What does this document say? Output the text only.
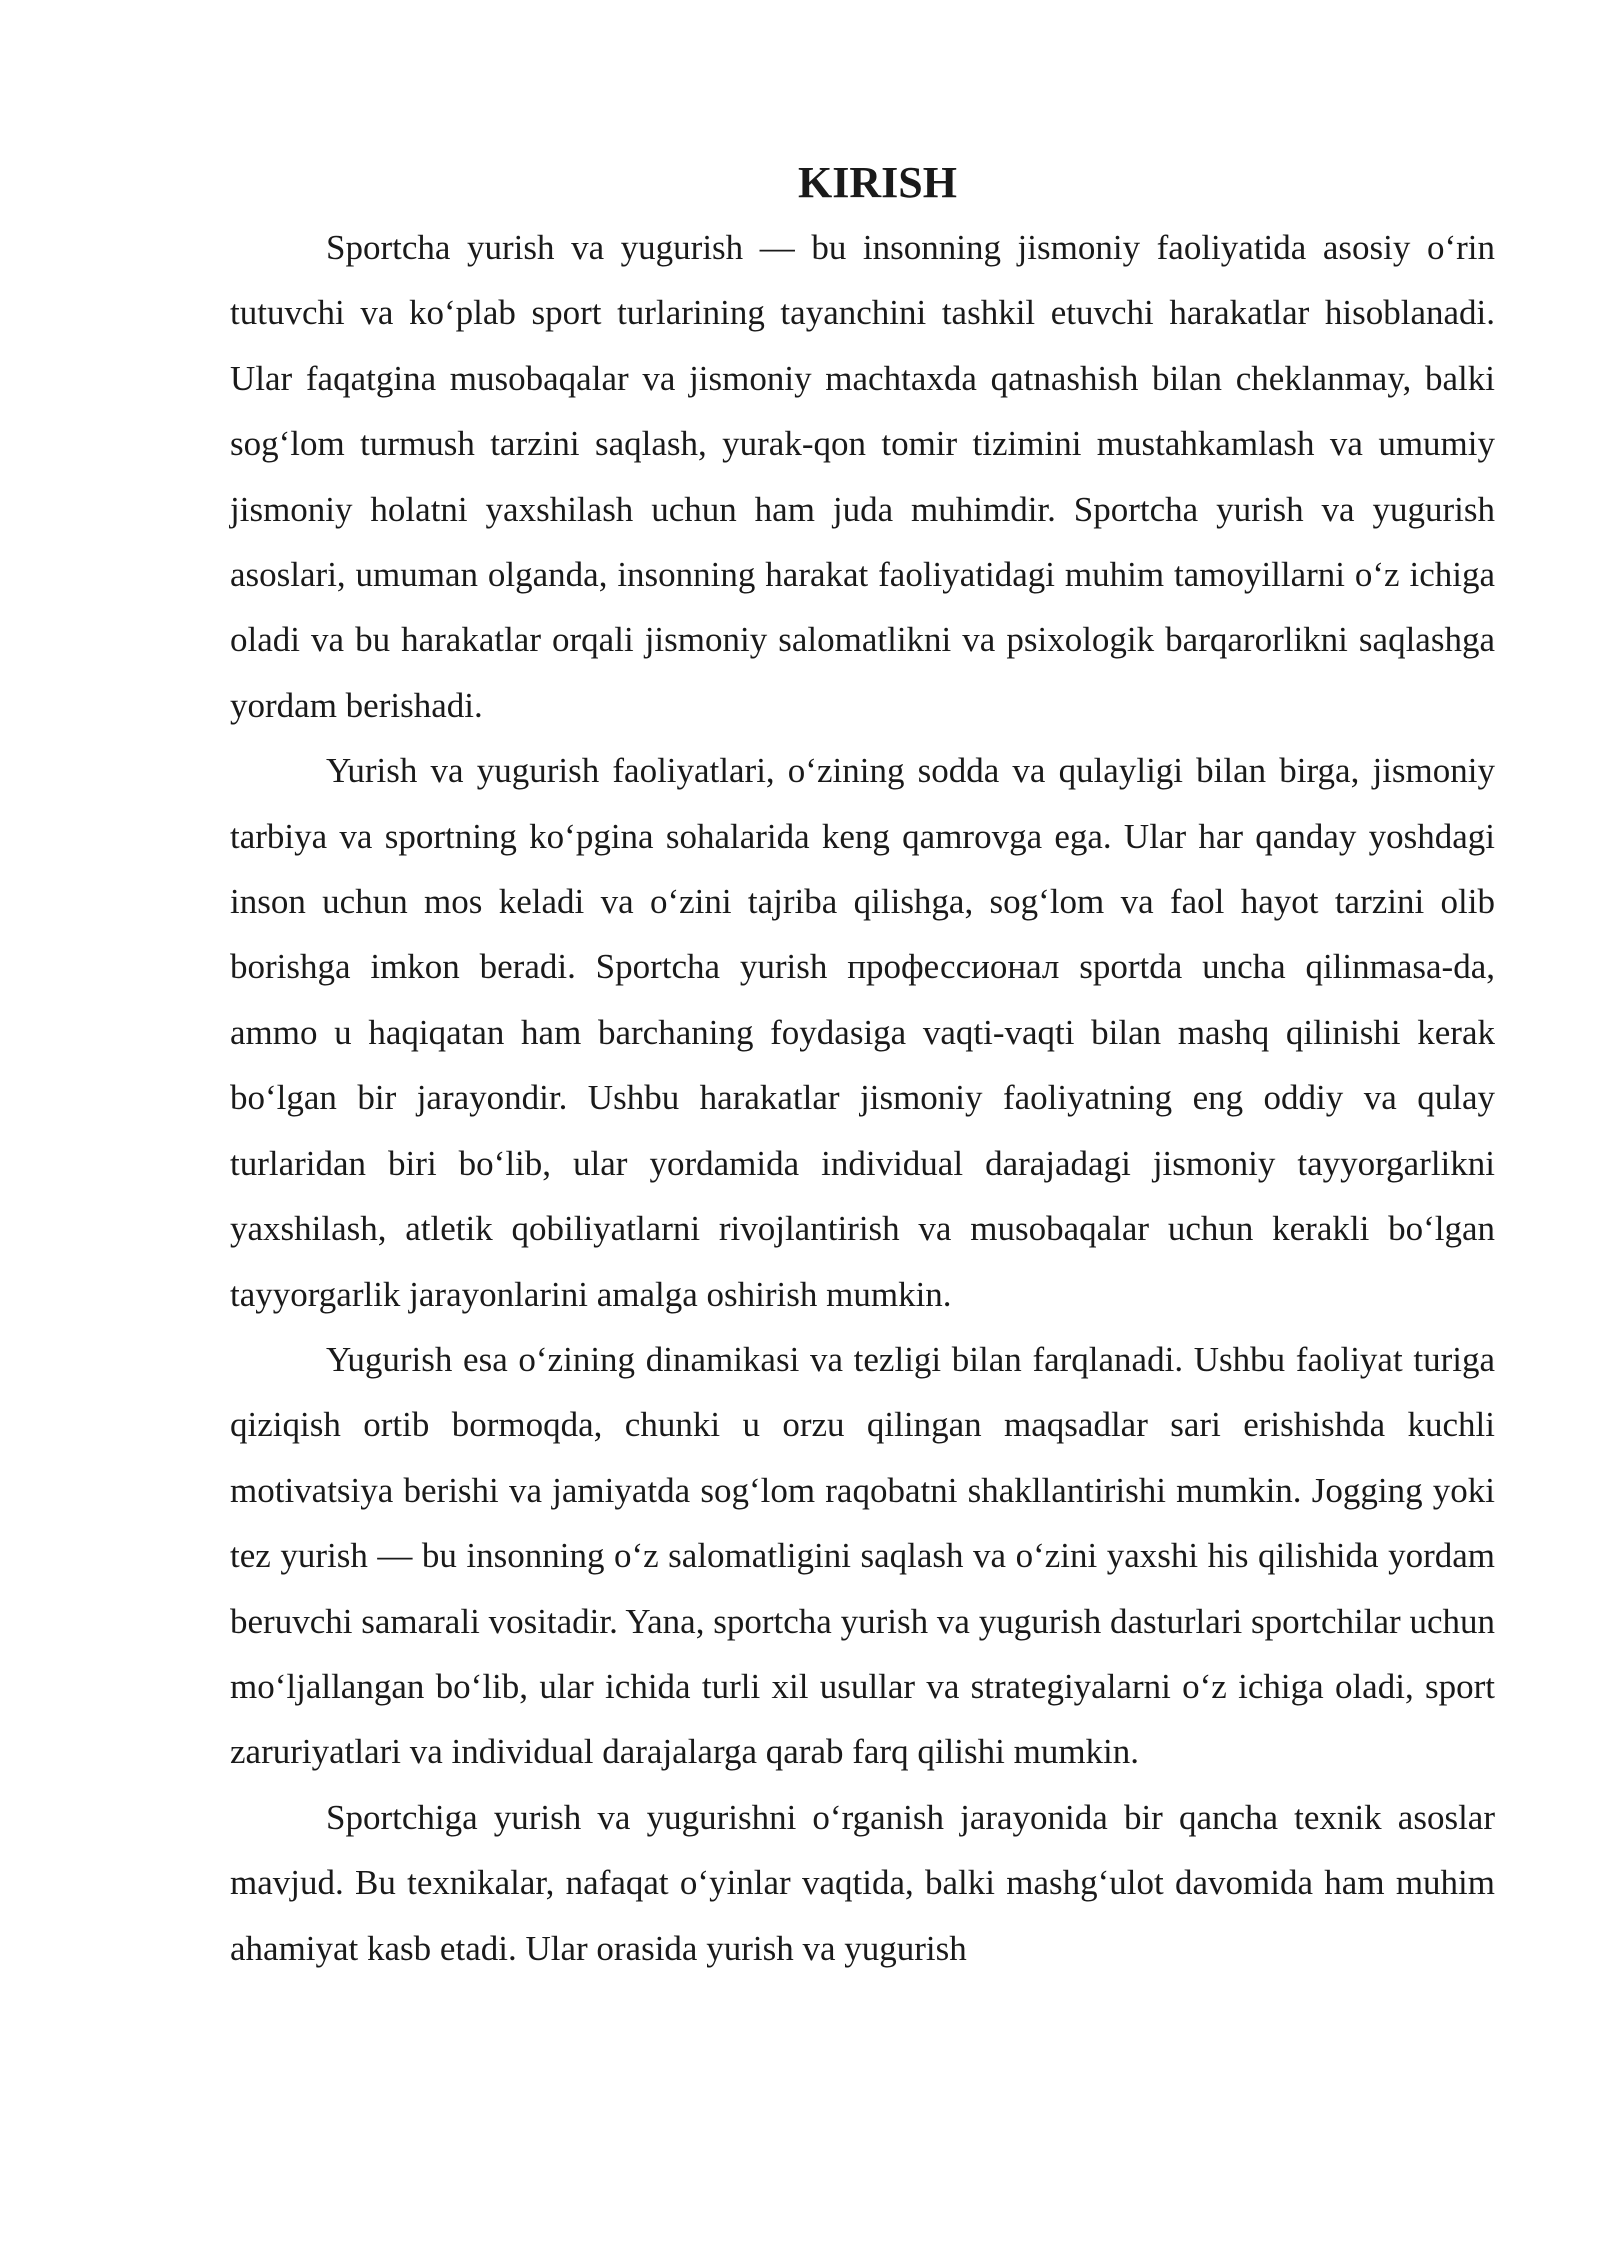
KIRISH

Sportcha yurish va yugurish — bu insonning jismoniy faoliyatida asosiy o‘rin tutuvchi va ko‘plab sport turlarining tayanchini tashkil etuvchi harakatlar hisoblanadi. Ular faqatgina musobaqalar va jismoniy machtaxda qatnashish bilan cheklanmay, balki sog‘lom turmush tarzini saqlash, yurak-qon tomir tizimini mustahkamlash va umumiy jismoniy holatni yaxshilash uchun ham juda muhimdir. Sportcha yurish va yugurish asoslari, umuman olganda, insonning harakat faoliyatidagi muhim tamoyillarni o‘z ichiga oladi va bu harakatlar orqali jismoniy salomatlikni va psixologik barqarorlikni saqlashga yordam berishadi.

Yurish va yugurish faoliyatlari, o‘zining sodda va qulayligi bilan birga, jismoniy tarbiya va sportning ko‘pgina sohalarida keng qamrovga ega. Ular har qanday yoshdagi inson uchun mos keladi va o‘zini tajriba qilishga, sog‘lom va faol hayot tarzini olib borishga imkon beradi. Sportcha yurish профессионал sportda uncha qilinmasa-da, ammo u haqiqatan ham barchaning foydasiga vaqti-vaqti bilan mashq qilinishi kerak bo‘lgan bir jarayondir. Ushbu harakatlar jismoniy faoliyatning eng oddiy va qulay turlaridan biri bo‘lib, ular yordamida individual darajadagi jismoniy tayyorgarlikni yaxshilash, atletik qobiliyatlarni rivojlantirish va musobaqalar uchun kerakli bo‘lgan tayyorgarlik jarayonlarini amalga oshirish mumkin.

Yugurish esa o‘zining dinamikasi va tezligi bilan farqlanadi. Ushbu faoliyat turiga qiziqish ortib bormoqda, chunki u orzu qilingan maqsadlar sari erishishda kuchli motivatsiya berishi va jamiyatda sog‘lom raqobatni shakllantirishi mumkin. Jogging yoki tez yurish — bu insonning o‘z salomatligini saqlash va o‘zini yaxshi his qilishida yordam beruvchi samarali vositadir. Yana, sportcha yurish va yugurish dasturlari sportchilar uchun mo‘ljallangan bo‘lib, ular ichida turli xil usullar va strategiyalarni o‘z ichiga oladi, sport zaruriyatlari va individual darajalarga qarab farq qilishi mumkin.

Sportchiga yurish va yugurishni o‘rganish jarayonida bir qancha texnik asoslar mavjud. Bu texnikalar, nafaqat o‘yinlar vaqtida, balki mashg‘ulot davomida ham muhim ahamiyat kasb etadi. Ular orasida yurish va yugurish
